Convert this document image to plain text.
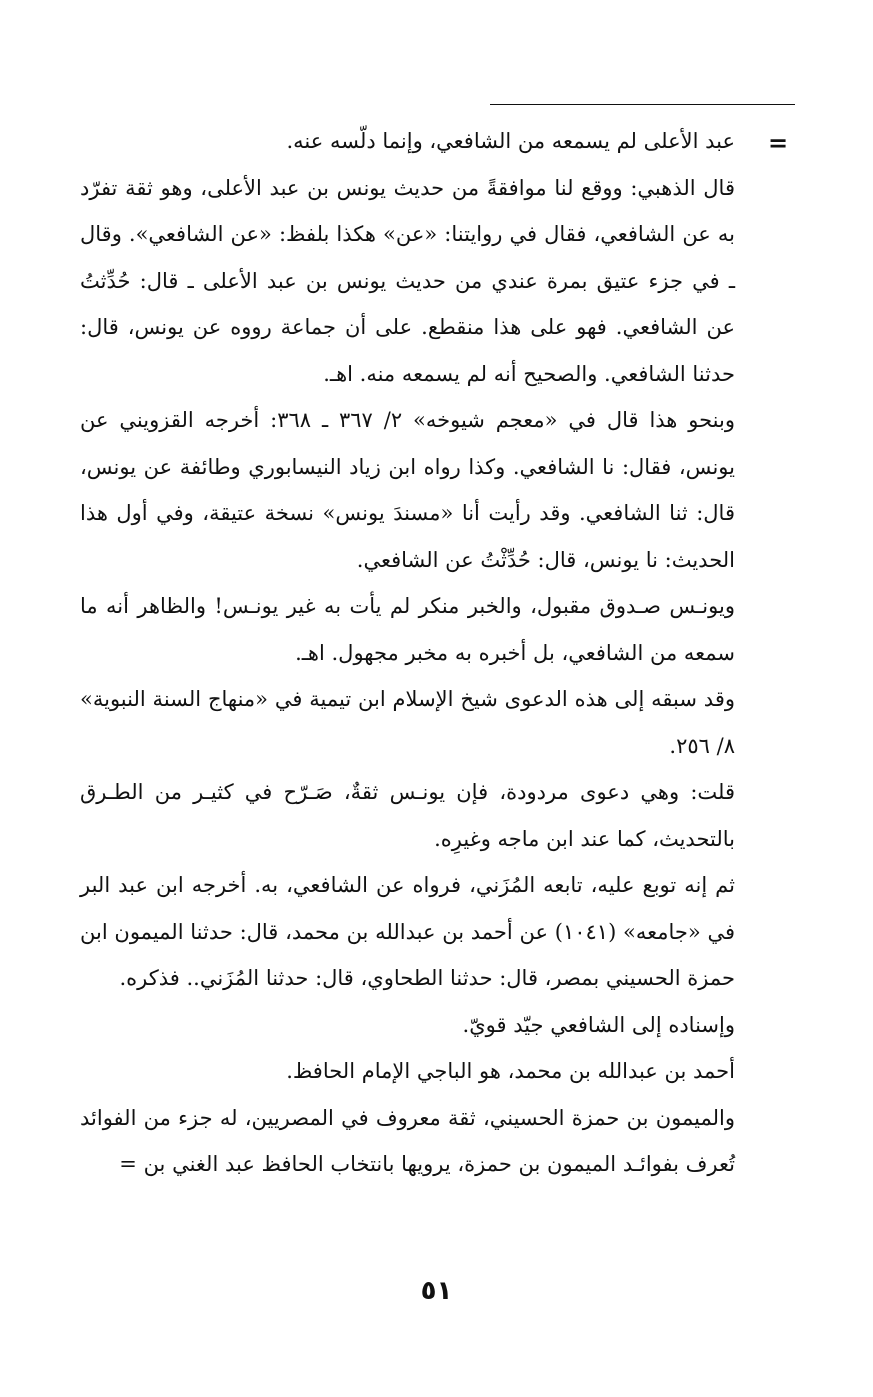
=

عبد الأعلى لم يسمعه من الشافعي، وإنما دلّسه عنه.

قال الذهبي: ووقع لنا موافقةً من حديث يونس بن عبد الأعلى، وهو ثقة تفرّد به عن الشافعي، فقال في روايتنا: «عن» هكذا بلفظ: «عن الشافعي». وقال ـ في جزء عتيق بمرة عندي من حديث يونس بن عبد الأعلى ـ قال: حُدِّثتُ عن الشافعي. فهو على هذا منقطع. على أن جماعة رووه عن يونس، قال: حدثنا الشافعي. والصحيح أنه لم يسمعه منه. اهـ.

وبنحو هذا قال في «معجم شيوخه» ٢/ ٣٦٧ ـ ٣٦٨: أخرجه القزويني عن يونس، فقال: نا الشافعي. وكذا رواه ابن زياد النيسابوري وطائفة عن يونس، قال: ثنا الشافعي. وقد رأيت أنا «مسندَ يونس» نسخة عتيقة، وفي أول هذا الحديث: نا يونس، قال: حُدِّثْتُ عن الشافعي.

ويونـس صـدوق مقبول، والخبر منكر لم يأت به غير يونـس! والظاهر أنه ما سمعه من الشافعي، بل أخبره به مخبر مجهول. اهـ.

وقد سبقه إلى هذه الدعوى شيخ الإسلام ابن تيمية في «منهاج السنة النبوية» ٨/ ٢٥٦.

قلت: وهي دعوى مردودة، فإن يونـس ثقةٌ، صَـرّح في كثيـر من الطـرق بالتحديث، كما عند ابن ماجه وغيرِه.

ثم إنه توبع عليه، تابعه المُزَني، فرواه عن الشافعي، به. أخرجه ابن عبد البر في «جامعه» (١٠٤١) عن أحمد بن عبدالله بن محمد، قال: حدثنا الميمون ابن حمزة الحسيني بمصر، قال: حدثنا الطحاوي، قال: حدثنا المُزَني.. فذكره.

وإسناده إلى الشافعي جيّد قويّ.

أحمد بن عبدالله بن محمد، هو الباجي الإمام الحافظ.

والميمون بن حمزة الحسيني، ثقة معروف في المصريين، له جزء من الفوائد تُعرف بفوائـد الميمون بن حمزة، يرويها بانتخاب الحافظ عبد الغني بن =

٥١
